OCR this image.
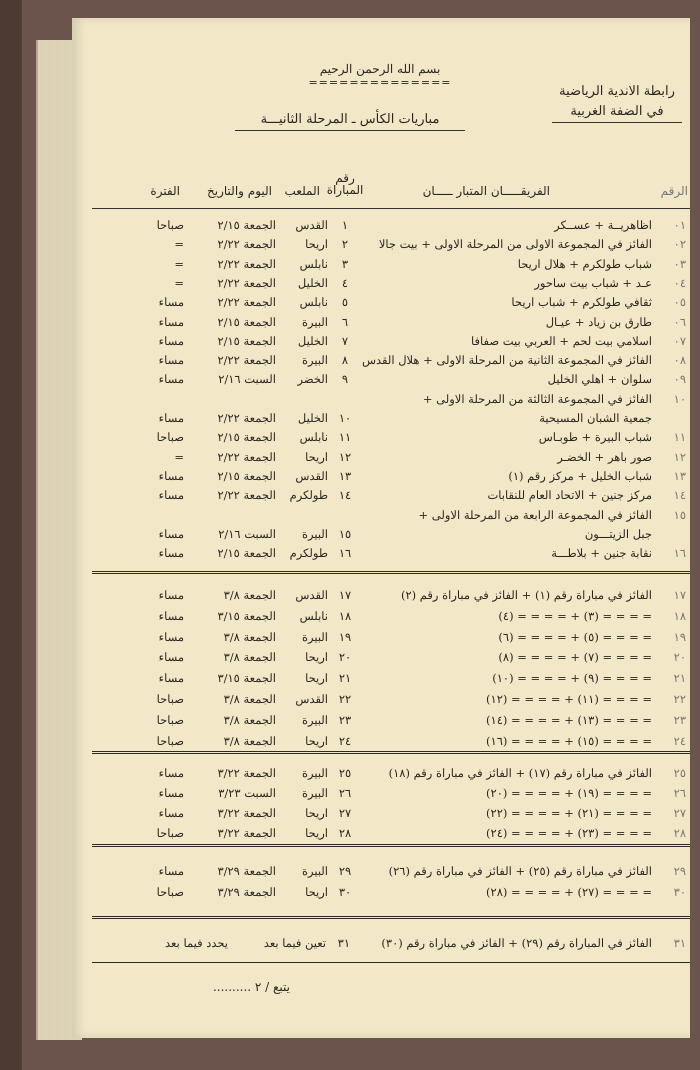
بسم الله الرحمن الرحيم
==============
رابطة الاندية الرياضية
في الضفة الغربية
مباريات الكأس ـ المرحلة الثانيـــة
الرقم
الفريقـــــان المتبار ـــــان
رقم المباراة
الملعب
اليوم والتاريخ
الفترة
٠١
اظاهريــة + عســكر
١
القدس
الجمعة ٢/١٥
صباحا
٠٢
الفائز في المجموعة الاولى من المرحلة الاولى + بيت جالا
٢
اريحا
الجمعة ٢/٢٢
=
٠٣
شباب طولكرم + هلال اريحا
٣
نابلس
الجمعة ٢/٢٢
=
٠٤
عـد + شباب بيت ساحور
٤
الخليل
الجمعة ٢/٢٢
=
٠٥
ثقافي طولكرم + شباب اريحا
٥
نابلس
الجمعة ٢/٢٢
مساء
٠٦
طارق بن زياد + عيـال
٦
البيرة
الجمعة ٢/١٥
مساء
٠٧
اسلامي بيت لحم + العربي بيت صفافا
٧
الخليل
الجمعة ٢/١٥
مساء
٠٨
الفائز في المجموعة الثانية من المرحلة الاولى + هلال القدس
٨
البيرة
الجمعة ٢/٢٢
مساء
٠٩
سلوان + اهلي الخليل
٩
الخضر
السبت ٢/١٦
مساء
١٠
الفائز في المجموعة الثالثة من المرحلة الاولى +
جمعية الشبان المسيحية
١٠
الخليل
الجمعة ٢/٢٢
مساء
١١
شباب البيرة + طوبـاس
١١
نابلس
الجمعة ٢/١٥
صباحا
١٢
صور باهر + الخضـر
١٢
اريحا
الجمعة ٢/٢٢
=
١٣
شباب الخليل + مركز رقم (١)
١٣
القدس
الجمعة ٢/١٥
مساء
١٤
مركز جنين + الاتحاد العام للنقابات
١٤
طولكرم
الجمعة ٢/٢٢
مساء
١٥
الفائز في المجموعة الرابعة من المرحلة الاولى +
جبل الزيتـــون
١٥
البيرة
السبت ٢/١٦
مساء
١٦
نقابة جنين + بلاطـــة
١٦
طولكرم
الجمعة ٢/١٥
مساء
١٧
الفائز في مباراة رقم (١) + الفائز في مباراة رقم (٢)
١٧
القدس
الجمعة ٣/٨
مساء
١٨
= = = = (٣) + = = = = (٤)
١٨
نابلس
الجمعة ٣/١٥
مساء
١٩
= = = = (٥) + = = = = (٦)
١٩
البيرة
الجمعة ٣/٨
مساء
٢٠
= = = = (٧) + = = = = (٨)
٢٠
اريحا
الجمعة ٣/٨
مساء
٢١
= = = = (٩) + = = = = (١٠)
٢١
اريحا
الجمعة ٣/١٥
مساء
٢٢
= = = = (١١) + = = = = (١٢)
٢٢
القدس
الجمعة ٣/٨
صباحا
٢٣
= = = = (١٣) + = = = = (١٤)
٢٣
البيرة
الجمعة ٣/٨
صباحا
٢٤
= = = = (١٥) + = = = = (١٦)
٢٤
اريحا
الجمعة ٣/٨
صباحا
٢٥
الفائز في مباراة رقم (١٧) + الفائز في مباراة رقم (١٨)
٢٥
البيرة
الجمعة ٣/٢٢
مساء
٢٦
= = = = (١٩) + = = = = (٢٠)
٢٦
البيرة
السبت ٣/٢٣
مساء
٢٧
= = = = (٢١) + = = = = (٢٢)
٢٧
اريحا
الجمعة ٣/٢٢
مساء
٢٨
= = = = (٢٣) + = = = = (٢٤)
٢٨
اريحا
الجمعة ٣/٢٢
صباحا
٢٩
الفائز في مباراة رقم (٢٥) + الفائز في مباراة رقم (٢٦)
٢٩
البيرة
الجمعة ٣/٢٩
مساء
٣٠
= = = = (٢٧) + = = = = (٢٨)
٣٠
اريحا
الجمعة ٣/٢٩
صباحا
٣١
الفائز في المباراة رقم (٢٩) + الفائز في مباراة رقم (٣٠)
٣١
تعين فيما بعد
يحدد فيما بعد
يتبع / ٢ ..........
